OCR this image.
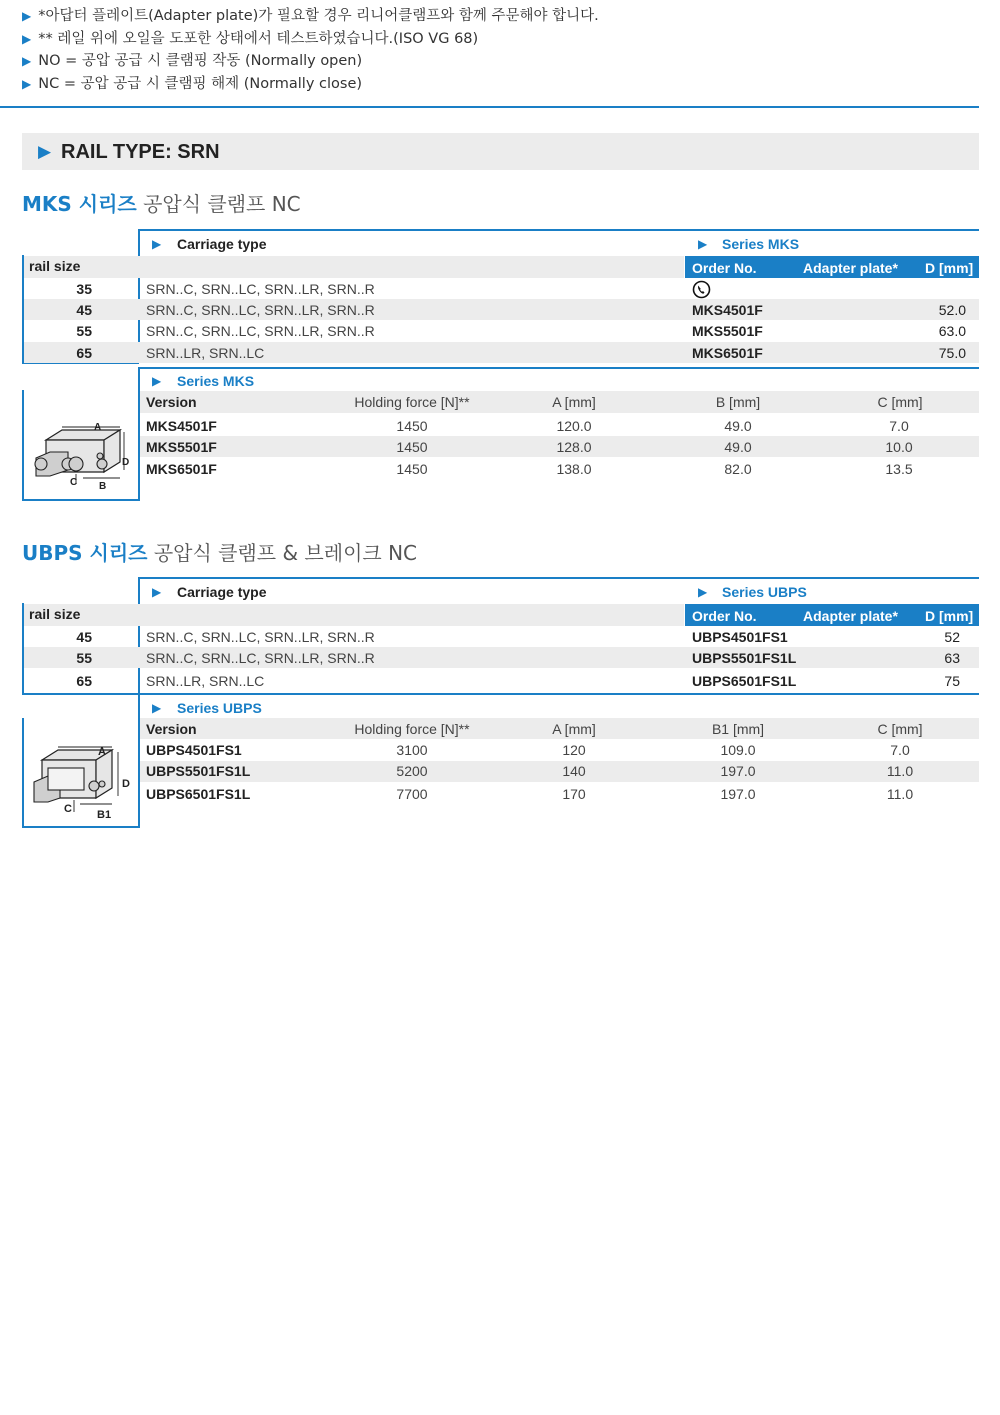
▶ *아답터 플레이트(Adapter plate)가 필요할 경우 리니어클램프와 함께 주문해야 합니다.
▶ ** 레일 위에 오일을 도포한 상태에서 테스트하였습니다.(ISO VG 68)
▶ NO = 공압 공급 시 클램핑 작동 (Normally open)
▶ NC = 공압 공급 시 클램핑 해제 (Normally close)
▶ RAIL TYPE: SRN
MKS 시리즈 공압식 클램프 NC
▶ Carriage type	▶ Series MKS
rail size	Order No.	Adapter plate* D [mm]
35	SRN..C, SRN..LC, SRN..LR, SRN..R
45	SRN..C, SRN..LC, SRN..LR, SRN..R	MKS4501F	52.0
55	SRN..C, SRN..LC, SRN..LR, SRN..R	MKS5501F	63.0
65	SRN..LR, SRN..LC	MKS6501F	75.0
▶ Series MKS
Version	Holding force [N]**	A [mm]	B [mm]	C [mm]
MKS4501F	1450	120.0	49.0	7.0
MKS5501F	1450	128.0	49.0	10.0
MKS6501F	1450	138.0	82.0	13.5
A
D
C B
UBPS 시리즈 공압식 클램프 & 브레이크 NC
▶ Carriage type	▶ Series UBPS
rail size	Order No.	Adapter plate* D [mm]
45	SRN..C, SRN..LC, SRN..LR, SRN..R	UBPS4501FS1	52
55	SRN..C, SRN..LC, SRN..LR, SRN..R	UBPS5501FS1L	63
65	SRN..LR, SRN..LC	UBPS6501FS1L	75
▶ Series UBPS
Version	Holding force [N]**	A [mm]	B1 [mm]	C [mm]
UBPS4501FS1	3100	120	109.0	7.0
UBPS5501FS1L	5200	140	197.0	11.0
UBPS6501FS1L	7700	170	197.0	11.0
A
D
C B1
